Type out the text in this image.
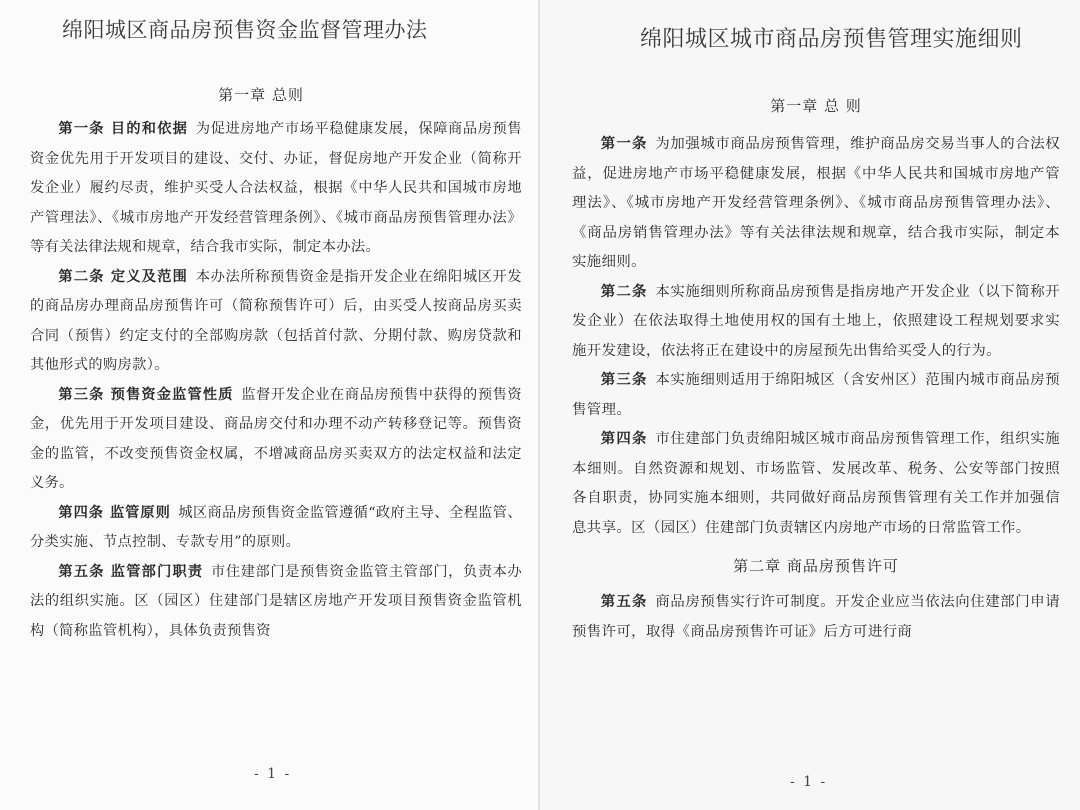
绵阳城区商品房预售资金监督管理办法
第一章 总则

第一条 目的和依据  为促进房地产市场平稳健康发展，保障商品房预售资金优先用于开发项目的建设、交付、办证，督促房地产开发企业（简称开发企业）履约尽责，维护买受人合法权益，根据《中华人民共和国城市房地产管理法》、《城市房地产开发经营管理条例》、《城市商品房预售管理办法》等有关法律法规和规章，结合我市实际，制定本办法。

第二条 定义及范围  本办法所称预售资金是指开发企业在绵阳城区开发的商品房办理商品房预售许可（简称预售许可）后，由买受人按商品房买卖合同（预售）约定支付的全部购房款（包括首付款、分期付款、购房贷款和其他形式的购房款）。

第三条 预售资金监管性质  监督开发企业在商品房预售中获得的预售资金，优先用于开发项目建设、商品房交付和办理不动产转移登记等。预售资金的监管，不改变预售资金权属，不增减商品房买卖双方的法定权益和法定义务。

第四条 监管原则  城区商品房预售资金监管遵循“政府主导、全程监管、分类实施、节点控制、专款专用”的原则。

第五条 监管部门职责  市住建部门是预售资金监管主管部门，负责本办法的组织实施。区（园区）住建部门是辖区房地产开发项目预售资金监管机构（简称监管机构），具体负责预售资

- 1 -
绵阳城区城市商品房预售管理实施细则
第一章 总 则

第一条  为加强城市商品房预售管理，维护商品房交易当事人的合法权益，促进房地产市场平稳健康发展，根据《中华人民共和国城市房地产管理法》、《城市房地产开发经营管理条例》、《城市商品房预售管理办法》、《商品房销售管理办法》等有关法律法规和规章，结合我市实际，制定本实施细则。

第二条  本实施细则所称商品房预售是指房地产开发企业（以下简称开发企业）在依法取得土地使用权的国有土地上，依照建设工程规划要求实施开发建设，依法将正在建设中的房屋预先出售给买受人的行为。

第三条  本实施细则适用于绵阳城区（含安州区）范围内城市商品房预售管理。

第四条  市住建部门负责绵阳城区城市商品房预售管理工作，组织实施本细则。自然资源和规划、市场监管、发展改革、税务、公安等部门按照各自职责，协同实施本细则，共同做好商品房预售管理有关工作并加强信息共享。区（园区）住建部门负责辖区内房地产市场的日常监管工作。

第二章 商品房预售许可

第五条  商品房预售实行许可制度。开发企业应当依法向住建部门申请预售许可，取得《商品房预售许可证》后方可进行商

- 1 -
